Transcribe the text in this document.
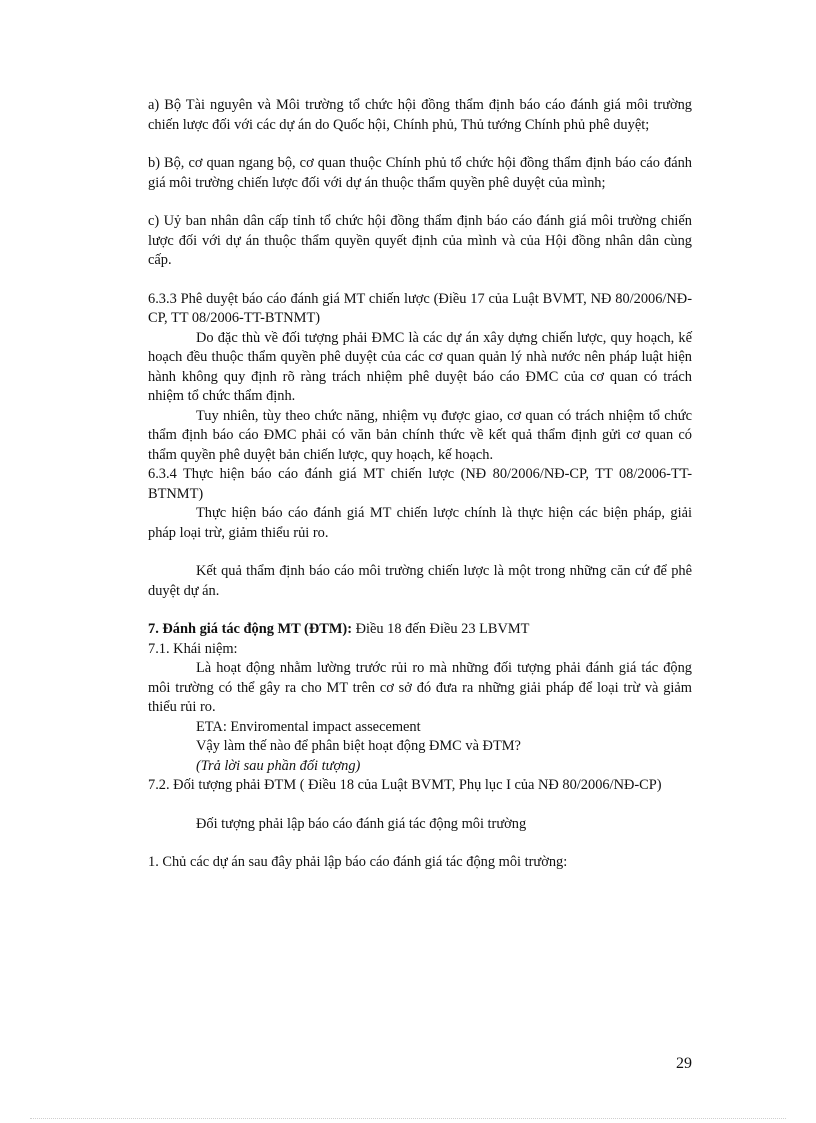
a) Bộ Tài nguyên và Môi trường tổ chức hội đồng thẩm định báo cáo đánh giá môi trường chiến lược đối với các dự án do Quốc hội, Chính phủ, Thủ tướng Chính phủ phê duyệt;

b) Bộ, cơ quan ngang bộ, cơ quan thuộc Chính phủ tổ chức hội đồng thẩm định báo cáo đánh giá môi trường chiến lược đối với dự án thuộc thẩm quyền phê duyệt của mình;

c) Uỷ ban nhân dân cấp tỉnh tổ chức hội đồng thẩm định báo cáo đánh giá môi trường chiến lược đối với dự án thuộc thẩm quyền quyết định của mình và của Hội đồng nhân dân cùng cấp.

6.3.3 Phê duyệt báo cáo đánh giá MT chiến lược (Điều 17 của Luật BVMT, NĐ 80/2006/NĐ-CP, TT 08/2006-TT-BTNMT)

Do đặc thù về đối tượng phải ĐMC là các dự án xây dựng chiến lược, quy hoạch, kế hoạch đều thuộc thẩm quyền phê duyệt của các cơ quan quản lý nhà nước nên pháp luật hiện hành không quy định rõ ràng trách nhiệm phê duyệt báo cáo ĐMC của cơ quan có trách nhiệm tổ chức thẩm định.

Tuy nhiên, tùy theo chức năng, nhiệm vụ được giao, cơ quan có trách nhiệm tổ chức thẩm định báo cáo ĐMC phải có văn bản chính thức về kết quả thẩm định gửi cơ quan có thẩm quyền phê duyệt bản chiến lược, quy hoạch, kế hoạch.

6.3.4 Thực hiện báo cáo đánh giá MT chiến lược (NĐ 80/2006/NĐ-CP, TT 08/2006-TT-BTNMT)

Thực hiện báo cáo đánh giá MT chiến lược chính là thực hiện các biện pháp, giải pháp loại trừ, giảm thiểu rủi ro.

Kết quả thẩm định báo cáo môi trường chiến lược là một trong những căn cứ để phê duyệt dự án.

7. Đánh giá tác động MT (ĐTM): Điều 18 đến Điều 23 LBVMT

7.1. Khái niệm:

Là hoạt động nhằm lường trước rủi ro mà những đối tượng phải đánh giá tác động môi trường có thể gây ra cho MT trên cơ sở đó đưa ra những giải pháp để loại trừ và giảm thiểu rủi ro.

ETA: Enviromental impact assecement

Vậy làm thế nào để phân biệt hoạt động ĐMC và ĐTM?

(Trả lời sau phần đối tượng)

7.2. Đối tượng phải ĐTM ( Điều 18 của Luật BVMT, Phụ lục I của NĐ 80/2006/NĐ-CP)

Đối tượng phải lập báo cáo đánh giá tác động môi trường

1. Chủ các dự án sau đây phải lập báo cáo đánh giá tác động môi trường:

29
